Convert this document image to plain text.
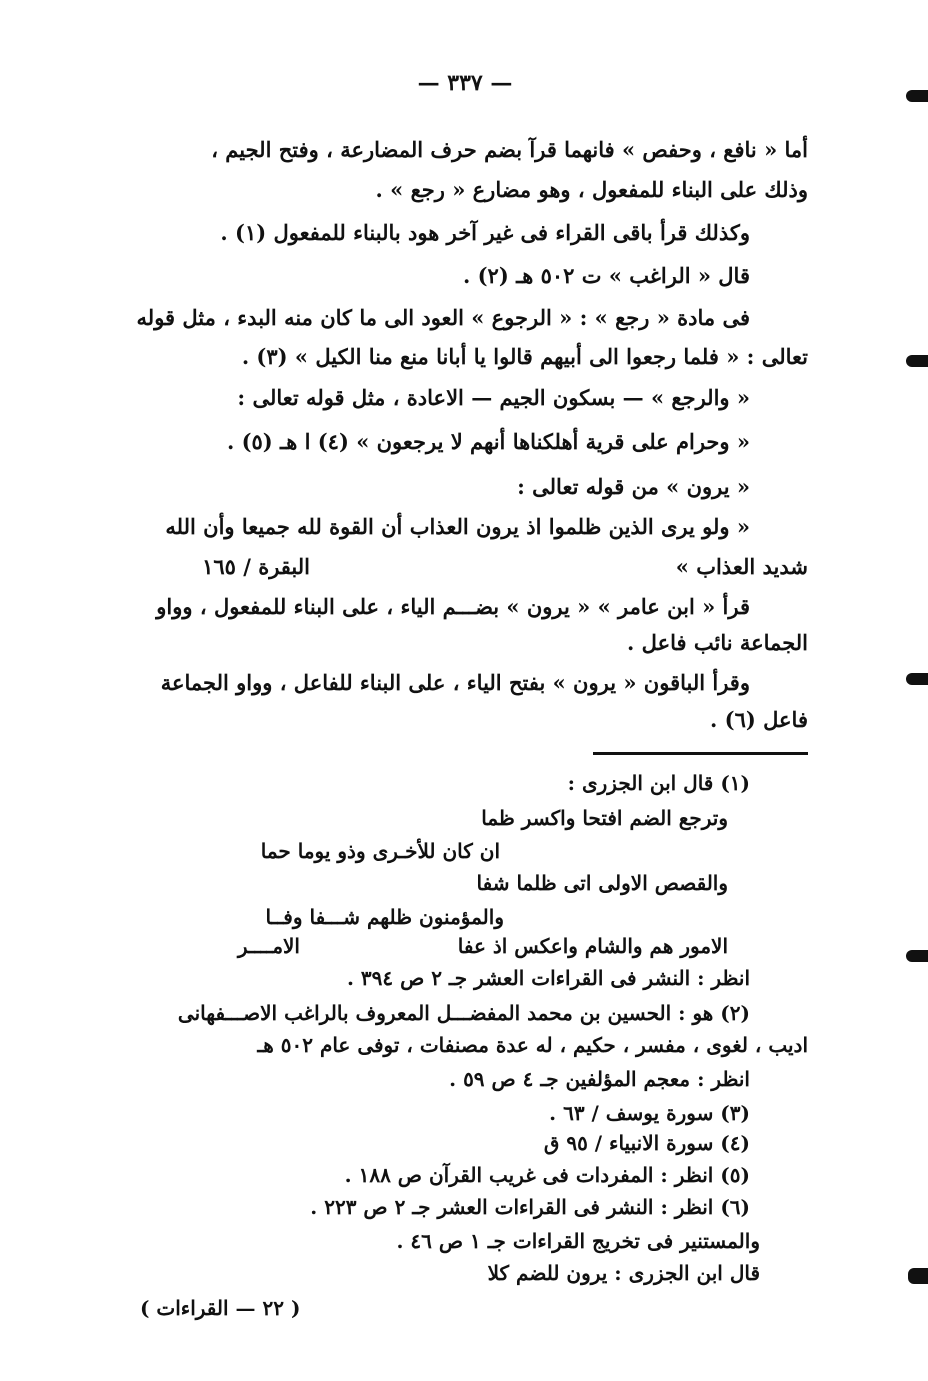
— ٣٣٧ —
أما « نافع ، وحفص » فانهما قرآ بضم حرف المضارعة ، وفتح الجيم ،
وذلك على البناء للمفعول ، وهو مضارع « رجع » .
وكذلك قرأ باقى القراء فى غير آخر هود بالبناء للمفعول (١) .
قال « الراغب » ت ٥٠٢ هـ (٢) .
فى مادة « رجع » : « الرجوع » العود الى ما كان منه البدء ، مثل قوله
تعالى : « فلما رجعوا الى أبيهم قالوا يا أبانا منع منا الكيل » (٣) .
« والرجع » — بسكون الجيم — الاعادة ، مثل قوله تعالى :
« وحرام على قرية أهلكناها أنهم لا يرجعون » (٤) ا هـ (٥) .
« يرون » من قوله تعالى :
« ولو يرى الذين ظلموا اذ يرون العذاب أن القوة لله جميعا وأن الله
شديد العذاب »
البقرة / ١٦٥
قرأ « ابن عامر » « يرون » بضـــم الياء ، على البناء للمفعول ، وواو
الجماعة نائب فاعل .
وقرأ الباقون « يرون » بفتح الياء ، على البناء للفاعل ، وواو الجماعة
فاعل (٦) .
(١) قال ابن الجزرى :
وترجع الضم افتحا واكسر ظما
ان كان للأخـرى وذو يوما حما
والقصص الاولى اتى ظلما شفا
والمؤمنون ظلهم شـــفا وفــا
الامور هم والشام واعكس اذ عفا
الامــــر
انظر : النشر فى القراءات العشر جـ ٢ ص ٣٩٤ .
(٢) هو : الحسين بن محمد المفضـــل المعروف بالراغب الاصـــفهانى
اديب ، لغوى ، مفسر ، حكيم ، له عدة مصنفات ، توفى عام ٥٠٢ هـ
انظر : معجم المؤلفين جـ ٤ ص ٥٩ .
(٣) سورة يوسف / ٦٣ .
(٤) سورة الانبياء / ٩٥ ق
(٥) انظر : المفردات فى غريب القرآن ص ١٨٨ .
(٦) انظر : النشر فى القراءات العشر جـ ٢ ص ٢٢٣ .
والمستنير فى تخريج القراءات جـ ١ ص ٤٦ .
قال ابن الجزرى : يرون للضم كلا
( ٢٢ — القراءات )
